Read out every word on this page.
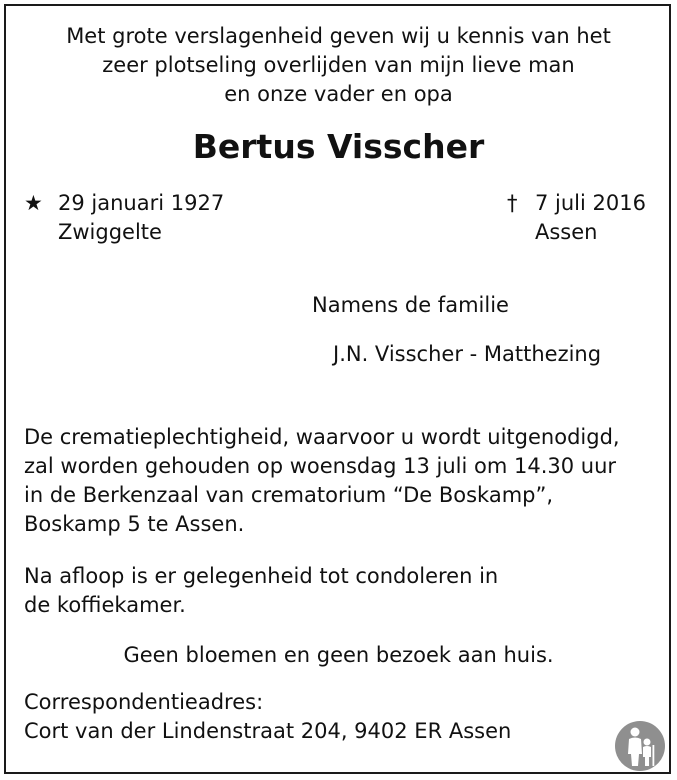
Met grote verslagenheid geven wij u kennis van het
zeer plotseling overlijden van mijn lieve man
en onze vader en opa
Bertus Visscher
★ 29 januari 1927
Zwiggelte
† 7 juli 2016
Assen
Namens de familie
J.N. Visscher - Matthezing
De crematieplechtigheid, waarvoor u wordt uitgenodigd,
zal worden gehouden op woensdag 13 juli om 14.30 uur
in de Berkenzaal van crematorium “De Boskamp”,
Boskamp 5 te Assen.
Na afloop is er gelegenheid tot condoleren in
de koffiekamer.
Geen bloemen en geen bezoek aan huis.
Correspondentieadres:
Cort van der Lindenstraat 204, 9402 ER Assen
